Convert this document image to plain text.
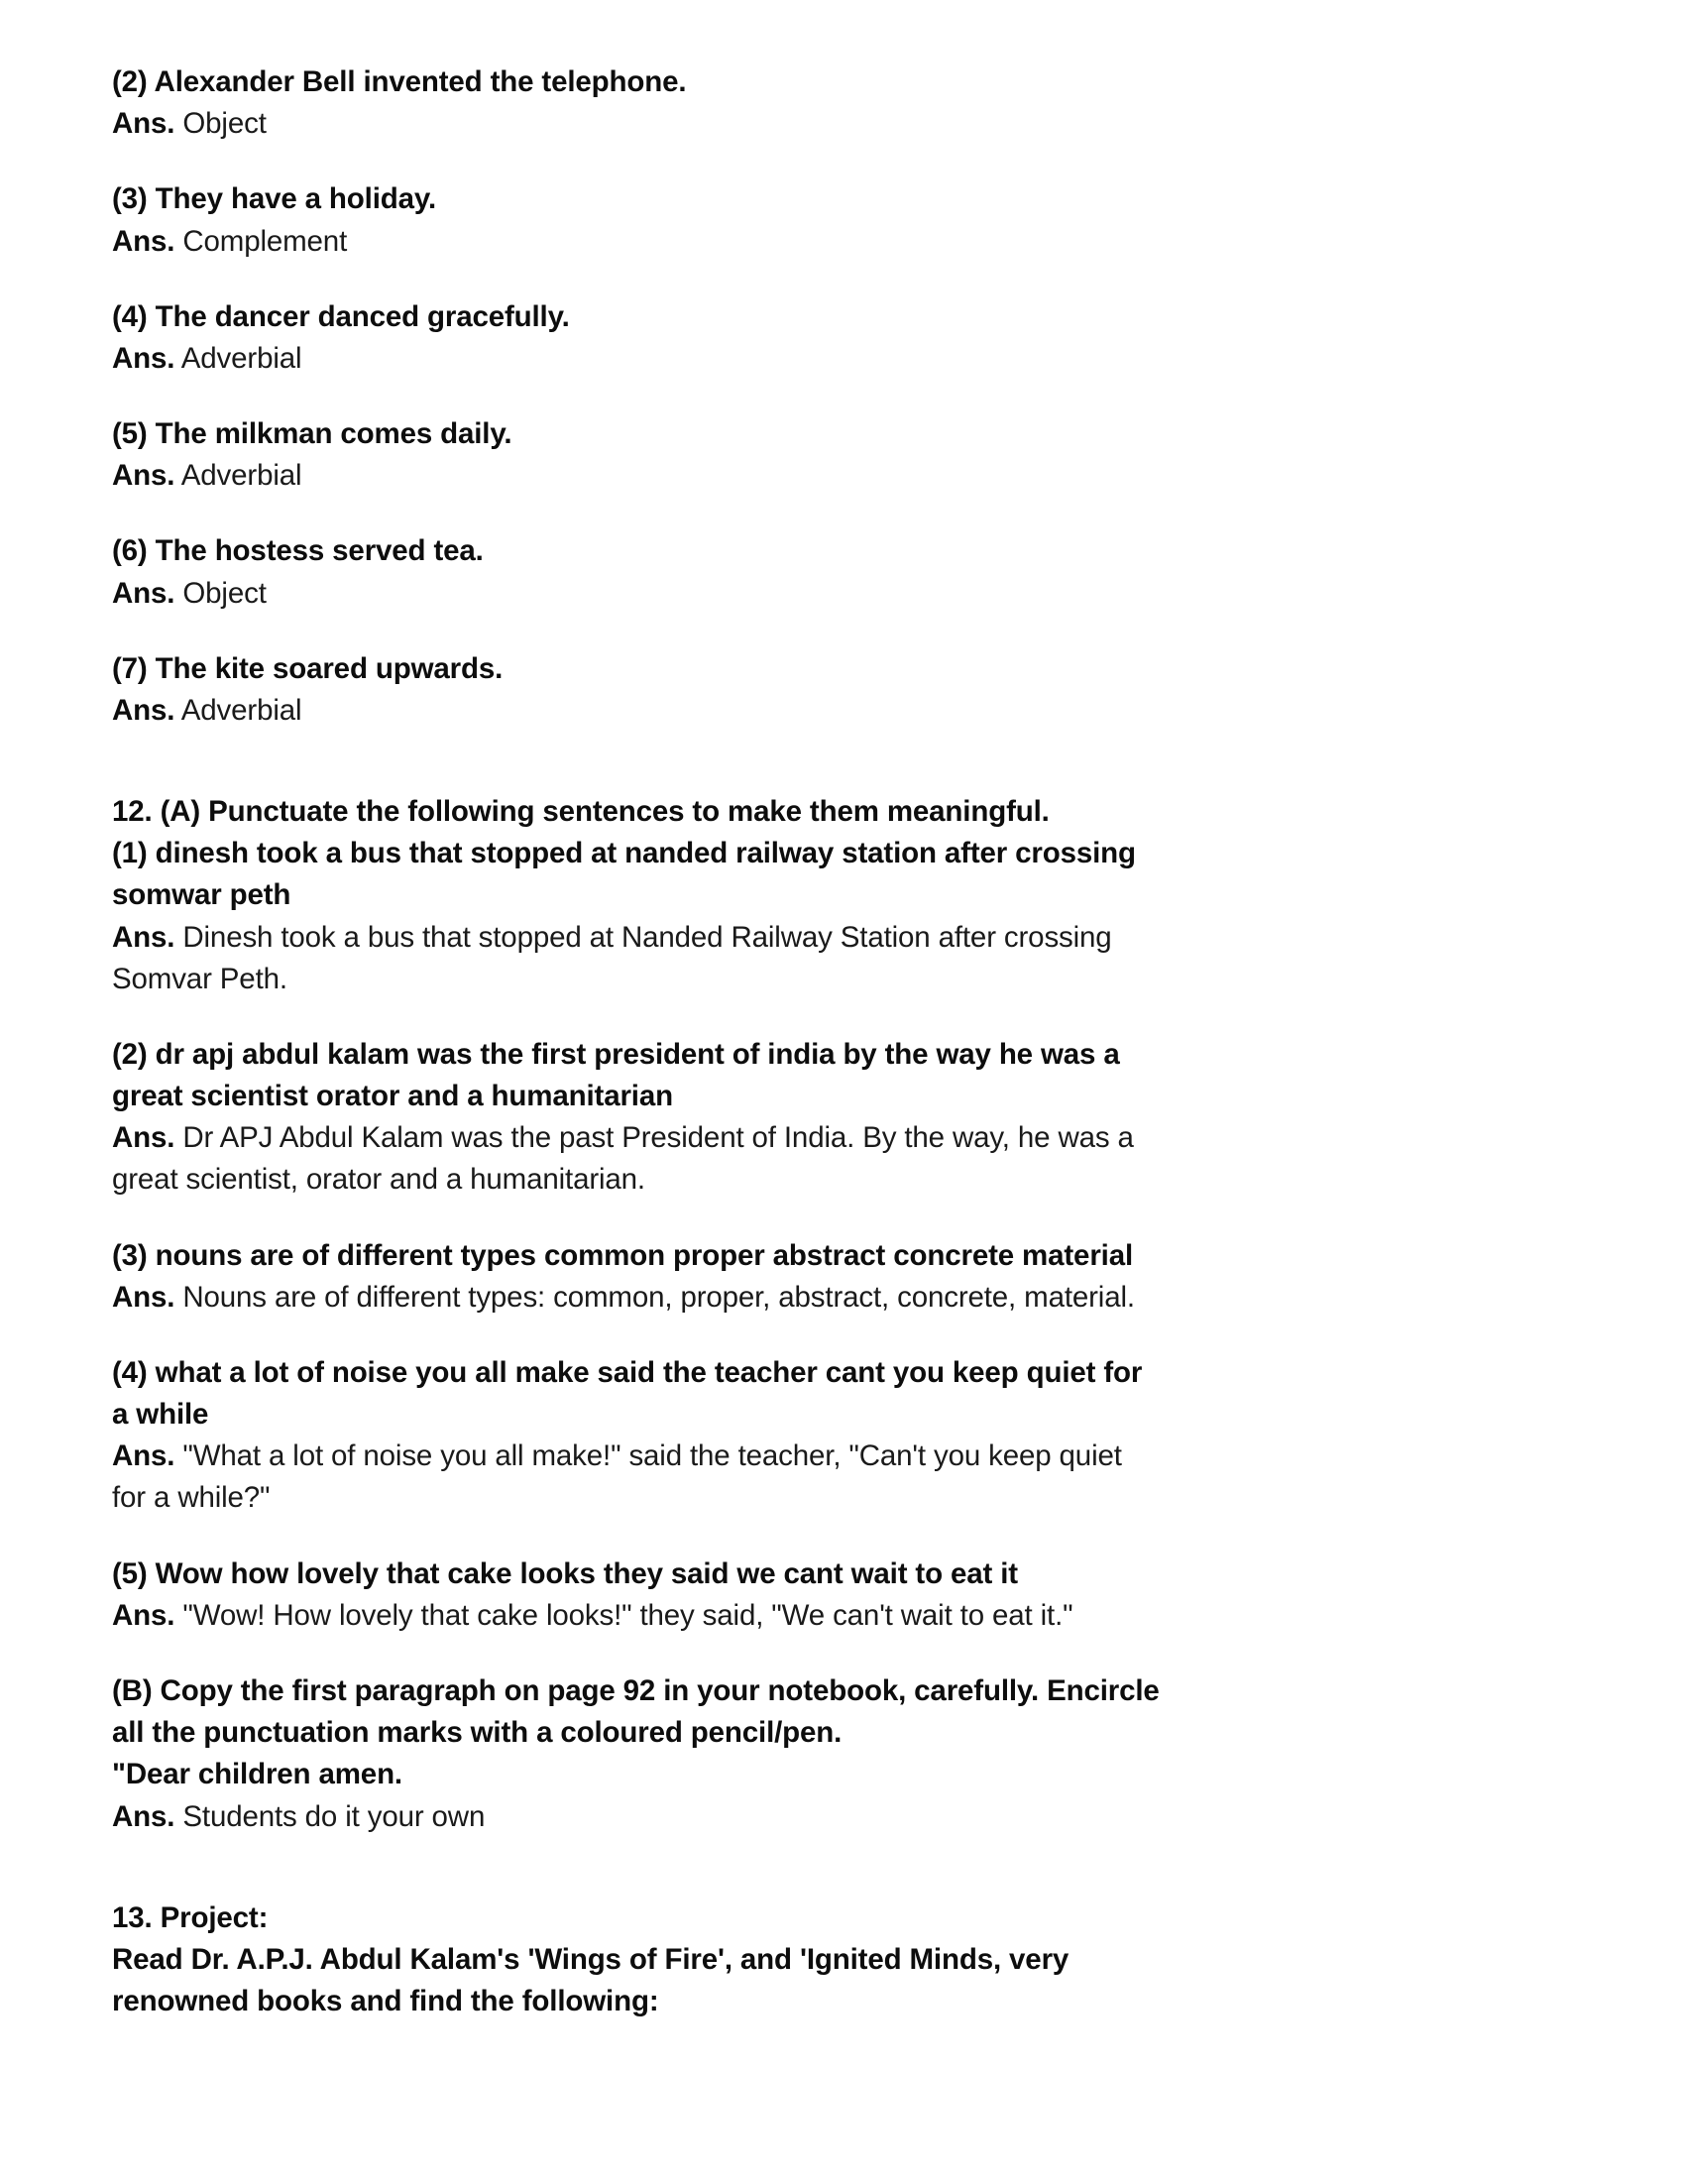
(2) Alexander Bell invented the telephone.

Ans. Object

(3) They have a holiday.

Ans. Complement

(4) The dancer danced gracefully.

Ans. Adverbial

(5) The milkman comes daily.

Ans. Adverbial

(6) The hostess served tea.

Ans. Object

(7) The kite soared upwards.

Ans. Adverbial

12. (A) Punctuate the following sentences to make them meaningful.

(1) dinesh took a bus that stopped at nanded railway station after crossing somwar peth

Ans. Dinesh took a bus that stopped at Nanded Railway Station after crossing Somvar Peth.

(2) dr apj abdul kalam was the first president of india by the way he was a great scientist orator and a humanitarian

Ans. Dr APJ Abdul Kalam was the past President of India. By the way, he was a great scientist, orator and a humanitarian.

(3) nouns are of different types common proper abstract concrete material

Ans. Nouns are of different types: common, proper, abstract, concrete, material.

(4) what a lot of noise you all make said the teacher cant you keep quiet for a while

Ans. "What a lot of noise you all make!" said the teacher, "Can't you keep quiet for a while?"

(5) Wow how lovely that cake looks they said we cant wait to eat it

Ans. "Wow! How lovely that cake looks!" they said, "We can't wait to eat it."

(B) Copy the first paragraph on page 92 in your notebook, carefully. Encircle all the punctuation marks with a coloured pencil/pen.

"Dear children amen.

Ans. Students do it your own

13. Project:

Read Dr. A.P.J. Abdul Kalam's 'Wings of Fire', and 'Ignited Minds, very renowned books and find the following:
